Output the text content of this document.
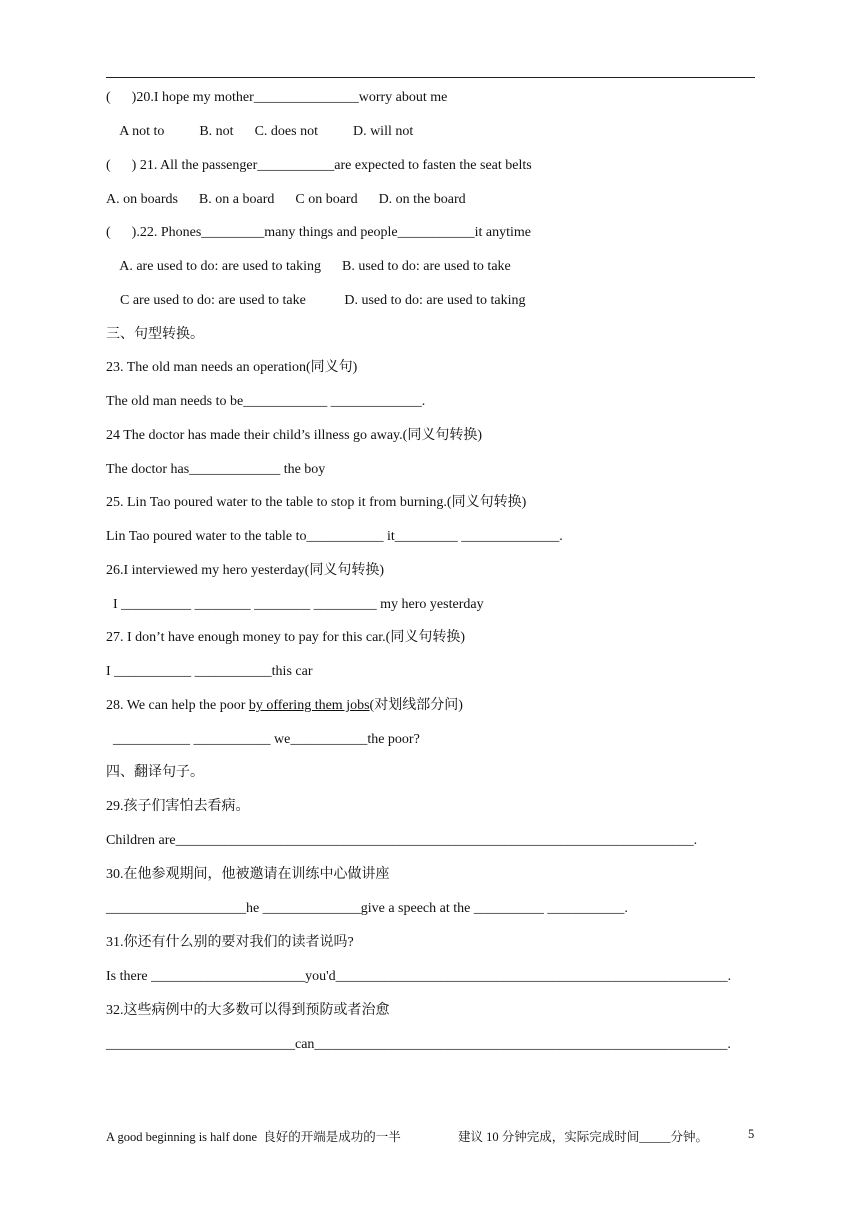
(      )20.I hope my mother_______________worry about me
A not to          B. not      C. does not          D. will not
(      ) 21. All the passenger___________are expected to fasten the seat belts
A. on boards      B. on a board      C on board      D. on the board
(      ).22. Phones_________many things and people___________it anytime
A. are used to do: are used to taking      B. used to do: are used to take
C are used to do: are used to take           D. used to do: are used to taking
三、句型转换。
23. The old man needs an operation(同义句)
The old man needs to be____________ _____________.
24 The doctor has made their child’s illness go away.(同义句转换)
The doctor has_____________ the boy
25. Lin Tao poured water to the table to stop it from burning.(同义句转换)
Lin Tao poured water to the table to___________ it_________ ______________.
26.I interviewed my hero yesterday(同义句转换)
I __________ ________ ________ _________ my hero yesterday
27. I don’t have enough money to pay for this car.(同义句转换)
I ___________ ___________this car
28. We can help the poor by offering them jobs(对划线部分问)
___________ ___________ we___________the poor?
四、翻译句子。
29.孩子们害怕去看病。
Children are__________________________________________________________________________.
30.在他参观期间，他被邀请在训练中心做讲座
____________________he ______________give a speech at the __________ ___________.
31.你还有什么别的要对我们的读者说吗?
Is there ______________________you'd________________________________________________________.
32.这些病例中的大多数可以得到预防或者治愈
___________________________can___________________________________________________________.
A good beginning is half done  良好的开端是成功的一半	建议 10 分钟完成，实际完成时间_____分钟。	5
